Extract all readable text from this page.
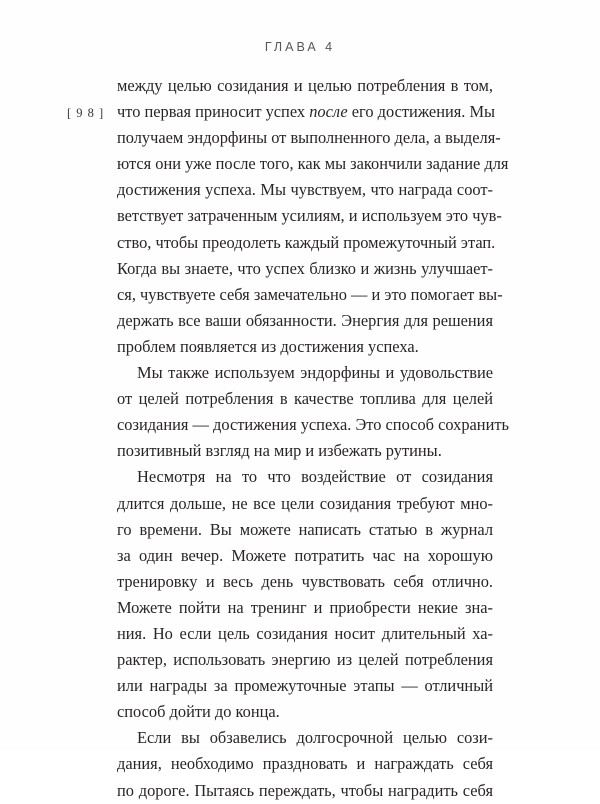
ГЛАВА 4
[ 9 8 ]
между целью созидания и целью потребления в том,
что первая приносит успех после его достижения. Мы
получаем эндорфины от выполненного дела, а выделя-
ются они уже после того, как мы закончили задание для
достижения успеха. Мы чувствуем, что награда соот-
ветствует затраченным усилиям, и используем это чув-
ство, чтобы преодолеть каждый промежуточный этап.
Когда вы знаете, что успех близко и жизнь улучшает-
ся, чувствуете себя замечательно — и это помогает вы-
держать все ваши обязанности. Энергия для решения
проблем появляется из достижения успеха.
Мы также используем эндорфины и удовольствие
от целей потребления в качестве топлива для целей
созидания — достижения успеха. Это способ сохранить
позитивный взгляд на мир и избежать рутины.
Несмотря на то что воздействие от созидания
длится дольше, не все цели созидания требуют мно-
го времени. Вы можете написать статью в журнал
за один вечер. Можете потратить час на хорошую
тренировку и весь день чувствовать себя отлично.
Можете пойти на тренинг и приобрести некие зна-
ния. Но если цель созидания носит длительный ха-
рактер, использовать энергию из целей потребления
или награды за промежуточные этапы — отличный
способ дойти до конца.
Если вы обзавелись долгосрочной целью сози-
дания, необходимо праздновать и награждать себя
по дороге. Пытаясь переждать, чтобы наградить себя
